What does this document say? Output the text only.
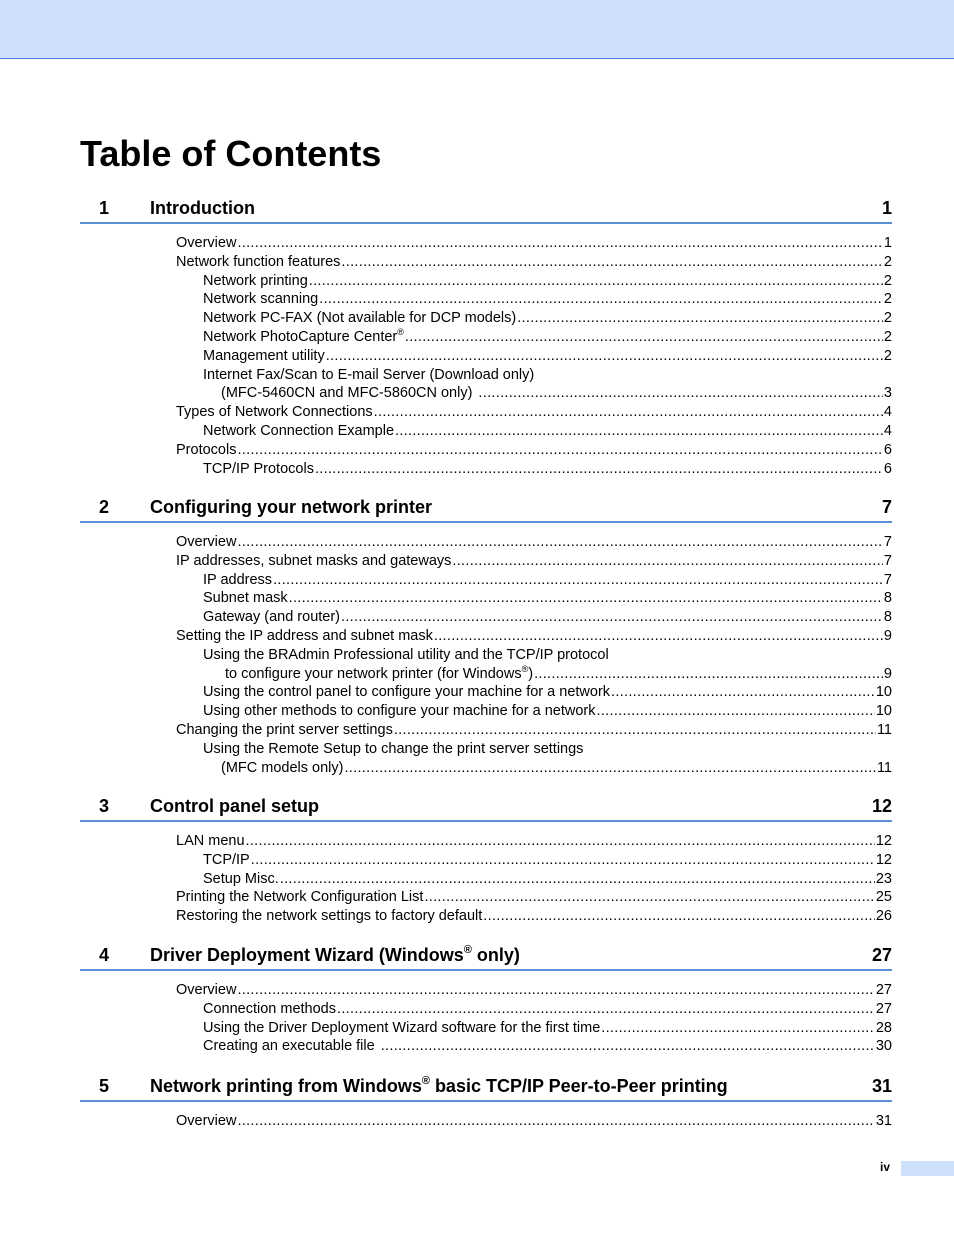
Table of Contents
1 Introduction	1
Overview .....	1
Network function features .....	2
Network printing .....	2
Network scanning .....	2
Network PC-FAX (Not available for DCP models) .....	2
Network PhotoCapture Center® .....	2
Management utility .....	2
Internet Fax/Scan to E-mail Server (Download only)
(MFC-5460CN and MFC-5860CN only) .....	3
Types of Network Connections .....	4
Network Connection Example .....	4
Protocols .....	6
TCP/IP Protocols .....	6
2 Configuring your network printer	7
Overview .....	7
IP addresses, subnet masks and gateways .....	7
IP address .....	7
Subnet mask .....	8
Gateway (and router) .....	8
Setting the IP address and subnet mask .....	9
Using the BRAdmin Professional utility and the TCP/IP protocol
to configure your network printer (for Windows®) .....	9
Using the control panel to configure your machine for a network .....	10
Using other methods to configure your machine for a network .....	10
Changing the print server settings .....	11
Using the Remote Setup to change the print server settings
(MFC models only) .....	11
3 Control panel setup	12
LAN menu .....	12
TCP/IP .....	12
Setup Misc. .....	23
Printing the Network Configuration List .....	25
Restoring the network settings to factory default .....	26
4 Driver Deployment Wizard (Windows® only)	27
Overview .....	27
Connection methods .....	27
Using the Driver Deployment Wizard software for the first time .....	28
Creating an executable file .....	30
5 Network printing from Windows® basic TCP/IP Peer-to-Peer printing	31
Overview .....	31
iv
